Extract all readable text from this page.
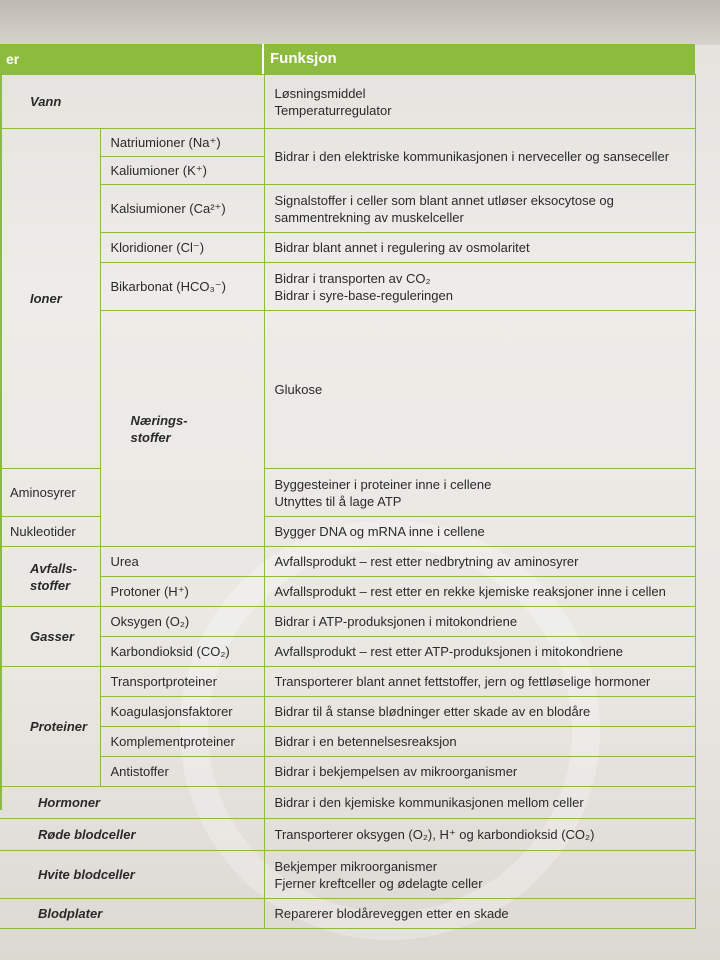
er	Funksjon
Vann		Løsningsmiddel
Temperaturregulator	

Ioner	Natriumioner (Na⁺)	Bidrar i den elektriske kommunikasjonen i nerveceller og sanseceller	
	Kaliumioner (K⁺)		
	Kalsiumioner (Ca²⁺)	Signalstoffer i celler som blant annet utløser eksocytose og
sammentrekning av muskelceller	

	Kloridioner (Cl⁻)	Bidrar blant annet i regulering av osmolaritet	
	Bikarbonat (HCO₃⁻)	Bidrar i transporten av CO₂
Bidrar i syre-base-reguleringen	

	Nærings-
stoffer	Glukose	
Aminosyrer		Byggesteiner i proteiner inne i cellene
Utnyttes til å lage ATP	

Nukleotider		Bygger DNA og mRNA inne i cellene	

Avfalls-
stoffer	Urea	Avfallsprodukt – rest etter nedbrytning av aminosyrer	
	Protoner (H⁺)	Avfallsprodukt – rest etter en rekke kjemiske reaksjoner inne i cellen	
Gasser	Oksygen (O₂)	Bidrar i ATP-produksjonen i mitokondriene	
	Karbondioksid (CO₂)	Avfallsprodukt – rest etter ATP-produksjonen i mitokondriene	
Proteiner	Transportproteiner	Transporterer blant annet fettstoffer, jern og fettløselige hormoner	
	Koagulasjonsfaktorer	Bidrar til å stanse blødninger etter skade av en blodåre	
	Komplementproteiner	Bidrar i en betennelsesreaksjon	
	Antistoffer	Bidrar i bekjempelsen av mikroorganismer	
Hormoner		Bidrar i den kjemiske kommunikasjonen mellom celler	
Røde blodceller		Transporterer oksygen (O₂), H⁺ og karbondioksid (CO₂)	
Hvite blodceller		Bekjemper mikroorganismer
Fjerner kreftceller og ødelagte celler	

Blodplater		Reparerer blodåreveggen etter en skade	
